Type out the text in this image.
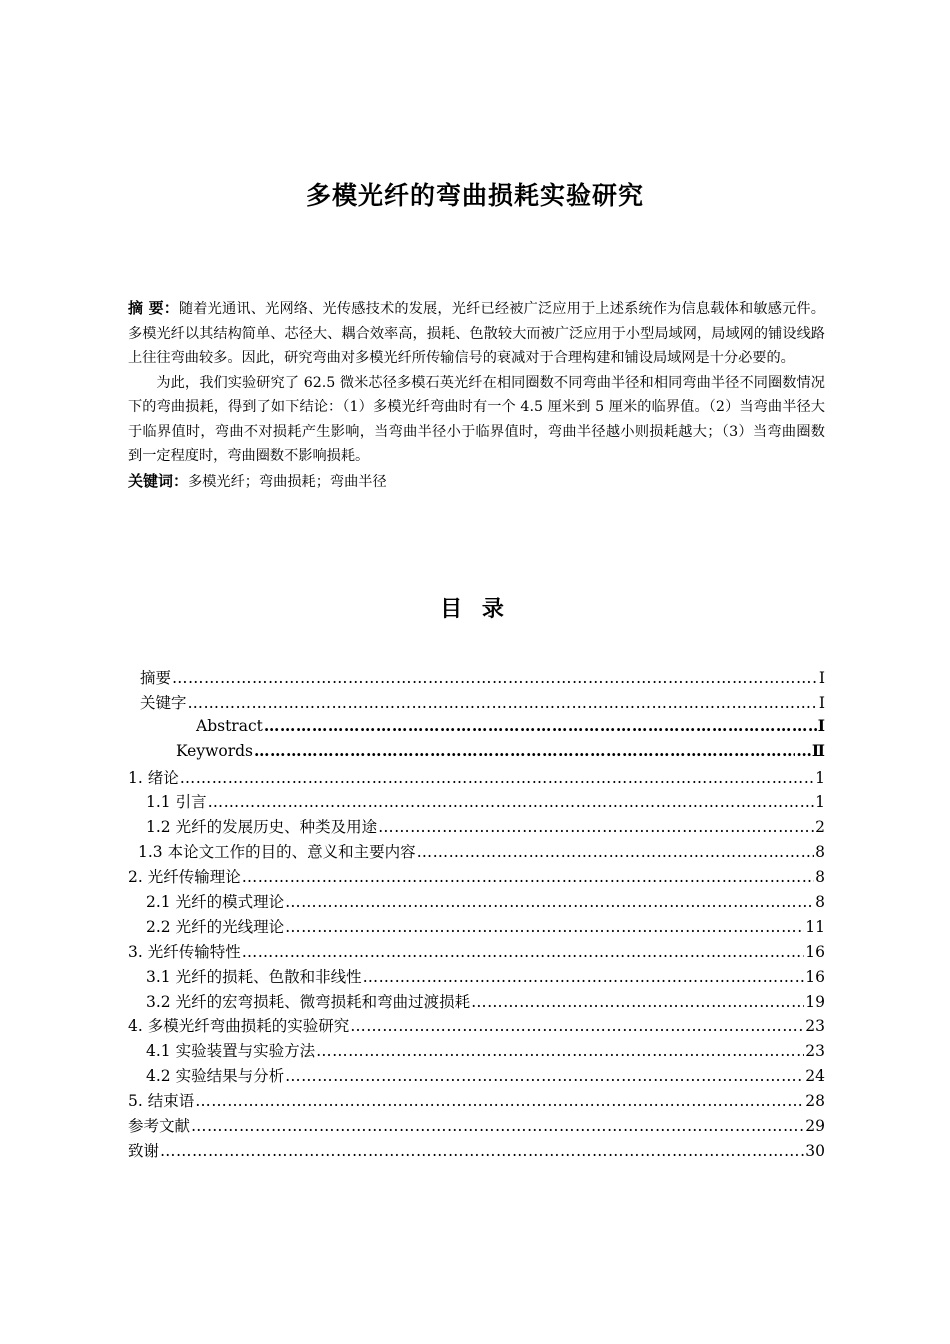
多模光纤的弯曲损耗实验研究

摘 要：随着光通讯、光网络、光传感技术的发展，光纤已经被广泛应用于上述系统作为信息载体和敏感元件。多模光纤以其结构简单、芯径大、耦合效率高，损耗、色散较大而被广泛应用于小型局域网，局域网的铺设线路上往往弯曲较多。因此，研究弯曲对多模光纤所传输信号的衰减对于合理构建和铺设局域网是十分必要的。

为此，我们实验研究了 62.5 微米芯径多模石英光纤在相同圈数不同弯曲半径和相同弯曲半径不同圈数情况下的弯曲损耗，得到了如下结论：（1）多模光纤弯曲时有一个 4.5 厘米到 5 厘米的临界值。（2）当弯曲半径大于临界值时，弯曲不对损耗产生影响，当弯曲半径小于临界值时，弯曲半径越小则损耗越大；（3）当弯曲圈数到一定程度时，弯曲圈数不影响损耗。

关键词：多模光纤；弯曲损耗；弯曲半径

目 录
摘要 …………………………………………………………………………………………………………………………………………………………………………	Ⅰ
关键字 …………………………………………………………………………………………………………………………………………………………………………	Ⅰ
Abstract …………………………………………………………………………………………………………………………………………………………………………	Ⅰ
Keywords …………………………………………………………………………………………………………………………………………………………………………	…Ⅱ
1. 绪论 …………………………………………………………………………………………………………………………………………………………………………	1
1.1 引言 …………………………………………………………………………………………………………………………………………………………………………	1
1.2 光纤的发展历史、种类及用途 …………………………………………………………………………………………………………………………………………………………………………	2
1.3 本论文工作的目的、意义和主要内容 …………………………………………………………………………………………………………………………………………………………………………	8
2. 光纤传输理论 …………………………………………………………………………………………………………………………………………………………………………	8
2.1 光纤的模式理论 …………………………………………………………………………………………………………………………………………………………………………	8
2.2 光纤的光线理论 …………………………………………………………………………………………………………………………………………………………………………	11
3. 光纤传输特性 …………………………………………………………………………………………………………………………………………………………………………	16
3.1 光纤的损耗、色散和非线性 …………………………………………………………………………………………………………………………………………………………………………	16
3.2 光纤的宏弯损耗、微弯损耗和弯曲过渡损耗 …………………………………………………………………………………………………………………………………………………………………………	19
4. 多模光纤弯曲损耗的实验研究 …………………………………………………………………………………………………………………………………………………………………………	23
4.1 实验装置与实验方法 …………………………………………………………………………………………………………………………………………………………………………	23
4.2 实验结果与分析 …………………………………………………………………………………………………………………………………………………………………………	24
5. 结束语 …………………………………………………………………………………………………………………………………………………………………………	28
参考文献 …………………………………………………………………………………………………………………………………………………………………………	29
致谢 …………………………………………………………………………………………………………………………………………………………………………	30
